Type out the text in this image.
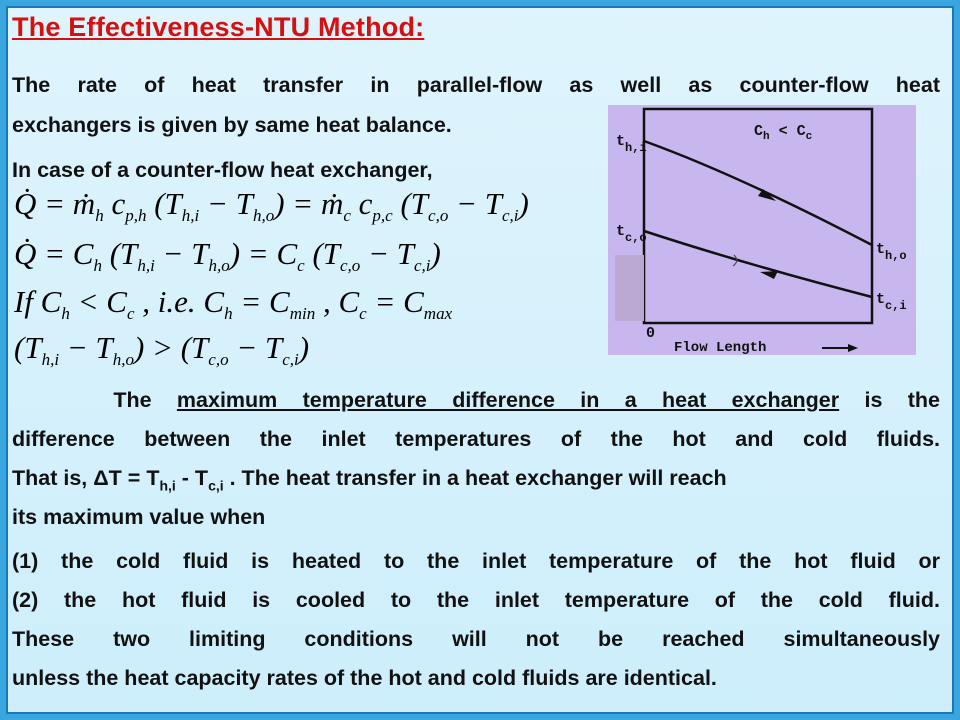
The Effectiveness-NTU Method:
The rate of heat transfer in parallel-flow as well as counter-flow heat
exchangers is given by same heat balance.
In case of a counter-flow heat exchanger,
Q̇ = ṁ$_h$ $c_{p,h}$ $(T_{h,i} - T_{h,o})$ = ṁ$_c$ $c_{p,c}$ $(T_{c,o} - T_{c,i})$
Q̇ = $C_h$ $(T_{h,i} - T_{h,o}) = C_c$ $(T_{c,o} - T_{c,i})$
If $C_h < C_c$ , i.e. $C_h = C_{min}$ , $C_c = C_{max}$
$(T_{h,i} - T_{h,o}) > (T_{c,o} - T_{c,i})$
$C_h < C_c$
$t_{h,i}$
$t_{c,o}$
$t_{h,o}$
$t_{c,i}$
0
Flow Length
The maximum temperature difference in a heat exchanger is the
difference between the inlet temperatures of the hot and cold fluids.
That is, $\Delta T = T_{h,i} - T_{c,i}$ . The heat transfer in a heat exchanger will reach
its maximum value when
(1) the cold fluid is heated to the inlet temperature of the hot fluid or
(2) the hot fluid is cooled to the inlet temperature of the cold fluid.
These two limiting conditions will not be reached simultaneously
unless the heat capacity rates of the hot and cold fluids are identical.
